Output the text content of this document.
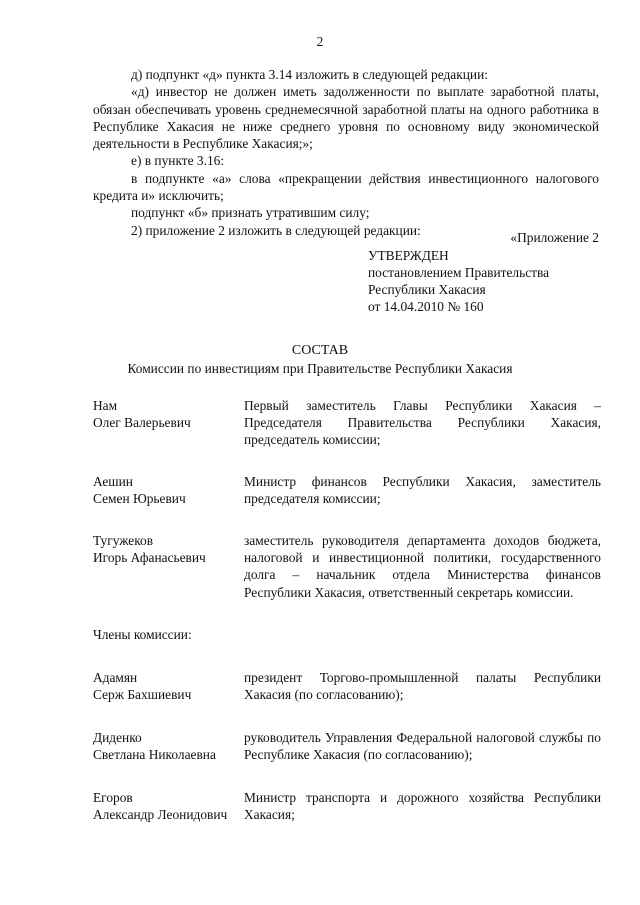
2

д) подпункт «д» пункта 3.14 изложить в следующей редакции:

«д) инвестор не должен иметь задолженности по выплате заработной платы, обязан обеспечивать уровень среднемесячной заработной платы на одного работника в Республике Хакасия не ниже среднего уровня по основному виду экономической деятельности в Республике Хакасия;»;

е) в пункте 3.16:

в подпункте «а» слова «прекращении действия инвестиционного налогового кредита и» исключить;

подпункт «б» признать утратившим силу;

2) приложение 2 изложить в следующей редакции:	«Приложение 2
УТВЕРЖДЕН
постановлением Правительства
Республики Хакасия
от 14.04.2010 № 160
СОСТАВ
Комиссии по инвестициям при Правительстве Республики Хакасия
Нам
Олег Валерьевич
Первый заместитель Главы Республики Хакасия – Председателя Правительства Республики Хакасия, председатель комиссии;
Аешин
Семен Юрьевич
Министр финансов Республики Хакасия, заместитель председателя комиссии;
Тугужеков
Игорь Афанасьевич
заместитель руководителя департамента доходов бюджета, налоговой и инвестиционной политики, государственного долга – начальник отдела Министерства финансов Республики Хакасия, ответственный секретарь комиссии.
Члены комиссии:
Адамян
Серж Бахшиевич
президент Торгово-промышленной палаты Республики Хакасия (по согласованию);
Диденко
Светлана Николаевна
руководитель Управления Федеральной налоговой службы по Республике Хакасия (по согласованию);
Егоров
Александр Леонидович
Министр транспорта и дорожного хозяйства Республики Хакасия;
